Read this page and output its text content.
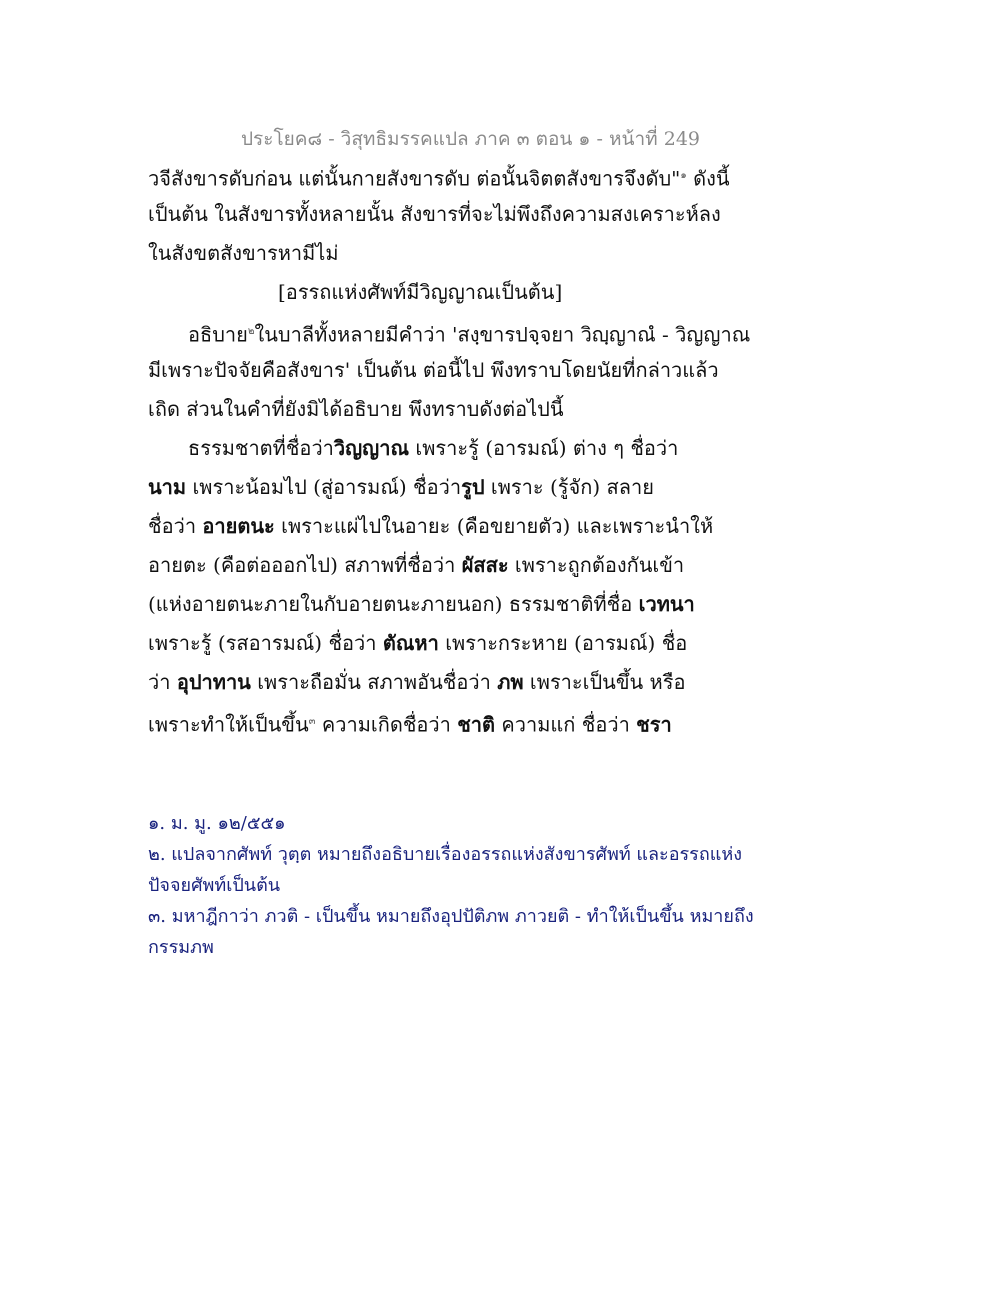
ประโยค๘ - วิสุทธิมรรคแปล ภาค ๓ ตอน ๑ - หน้าที่ 249
วจีสังขารดับก่อน แต่นั้นกายสังขารดับ ต่อนั้นจิตตสังขารจึงดับ"$^๑$ ดังนี้
เป็นต้น ในสังขารทั้งหลายนั้น สังขารที่จะไม่พึงถึงความสงเคราะห์ลง
ในสังขตสังขารหามีไม่
[อรรถแห่งศัพท์มีวิญญาณเป็นต้น]
อธิบาย$^๒$ในบาลีทั้งหลายมีคำว่า 'สงฺขารปจฺจยา วิญฺญาณํ - วิญญาณ
มีเพราะปัจจัยคือสังขาร' เป็นต้น ต่อนี้ไป พึงทราบโดยนัยที่กล่าวแล้ว
เถิด ส่วนในคำที่ยังมิได้อธิบาย พึงทราบดังต่อไปนี้
ธรรมชาตที่ชื่อว่าวิญญาณ เพราะรู้ (อารมณ์) ต่าง ๆ ชื่อว่า
นาม เพราะน้อมไป (สู่อารมณ์) ชื่อว่ารูป เพราะ (รู้จัก) สลาย
ชื่อว่า อายตนะ เพราะแผ่ไปในอายะ (คือขยายตัว) และเพราะนำให้
อายตะ (คือต่อออกไป) สภาพที่ชื่อว่า ผัสสะ เพราะถูกต้องกันเข้า
(แห่งอายตนะภายในกับอายตนะภายนอก) ธรรมชาติที่ชื่อ เวทนา
เพราะรู้ (รสอารมณ์) ชื่อว่า ตัณหา เพราะกระหาย (อารมณ์) ชื่อ
ว่า อุปาทาน เพราะถือมั่น สภาพอันชื่อว่า ภพ เพราะเป็นขึ้น หรือ
เพราะทำให้เป็นขึ้น$^๓$ ความเกิดชื่อว่า ชาติ ความแก่ ชื่อว่า ชรา
๑. ม. มู. ๑๒/๕๕๑
๒. แปลจากศัพท์ วุตฺต หมายถึงอธิบายเรื่องอรรถแห่งสังขารศัพท์ และอรรถแห่ง
ปัจจยศัพท์เป็นต้น
๓. มหาฎีกาว่า ภวติ - เป็นขึ้น หมายถึงอุปปัติภพ ภาวยติ - ทำให้เป็นขึ้น หมายถึง
กรรมภพ
